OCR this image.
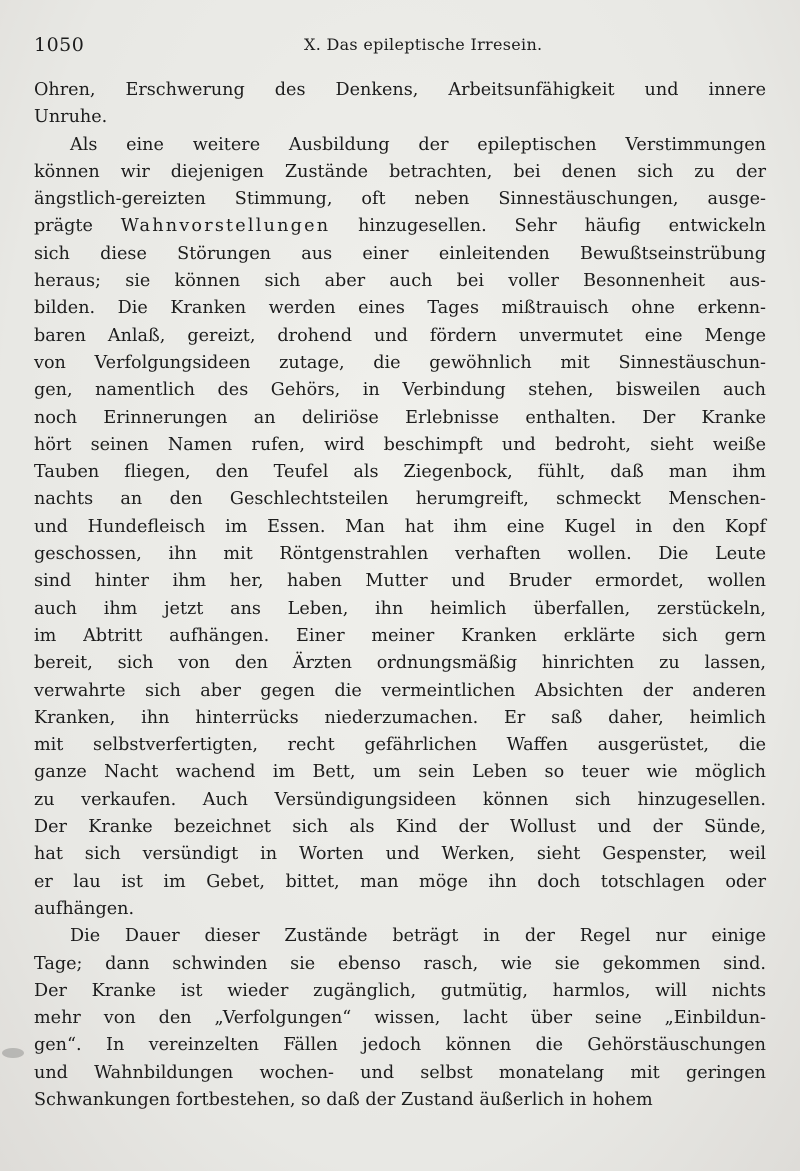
1050	X. Das epileptische Irresein.

Ohren, Erschwerung des Denkens, Arbeitsunfähigkeit und innere

Unruhe.

Als eine weitere Ausbildung der epileptischen Verstimmungen

können wir diejenigen Zustände betrachten, bei denen sich zu der

ängstlich-gereizten Stimmung, oft neben Sinnestäuschungen, ausge-

prägte Wahnvorstellungen hinzugesellen. Sehr häufig entwickeln

sich diese Störungen aus einer einleitenden Bewußtseinstrübung

heraus; sie können sich aber auch bei voller Besonnenheit aus-

bilden. Die Kranken werden eines Tages mißtrauisch ohne erkenn-

baren Anlaß, gereizt, drohend und fördern unvermutet eine Menge

von Verfolgungsideen zutage, die gewöhnlich mit Sinnestäuschun-

gen, namentlich des Gehörs, in Verbindung stehen, bisweilen auch

noch Erinnerungen an deliriöse Erlebnisse enthalten. Der Kranke

hört seinen Namen rufen, wird beschimpft und bedroht, sieht weiße

Tauben fliegen, den Teufel als Ziegenbock, fühlt, daß man ihm

nachts an den Geschlechtsteilen herumgreift, schmeckt Menschen-

und Hundefleisch im Essen. Man hat ihm eine Kugel in den Kopf

geschossen, ihn mit Röntgenstrahlen verhaften wollen. Die Leute

sind hinter ihm her, haben Mutter und Bruder ermordet, wollen

auch ihm jetzt ans Leben, ihn heimlich überfallen, zerstückeln,

im Abtritt aufhängen. Einer meiner Kranken erklärte sich gern

bereit, sich von den Ärzten ordnungsmäßig hinrichten zu lassen,

verwahrte sich aber gegen die vermeintlichen Absichten der anderen

Kranken, ihn hinterrücks niederzumachen. Er saß daher, heimlich

mit selbstverfertigten, recht gefährlichen Waffen ausgerüstet, die

ganze Nacht wachend im Bett, um sein Leben so teuer wie möglich

zu verkaufen. Auch Versündigungsideen können sich hinzugesellen.

Der Kranke bezeichnet sich als Kind der Wollust und der Sünde,

hat sich versündigt in Worten und Werken, sieht Gespenster, weil

er lau ist im Gebet, bittet, man möge ihn doch totschlagen oder

aufhängen.

Die Dauer dieser Zustände beträgt in der Regel nur einige

Tage; dann schwinden sie ebenso rasch, wie sie gekommen sind.

Der Kranke ist wieder zugänglich, gutmütig, harmlos, will nichts

mehr von den „Verfolgungen“ wissen, lacht über seine „Einbildun-

gen“. In vereinzelten Fällen jedoch können die Gehörstäuschungen

und Wahnbildungen wochen- und selbst monatelang mit geringen

Schwankungen fortbestehen, so daß der Zustand äußerlich in hohem
